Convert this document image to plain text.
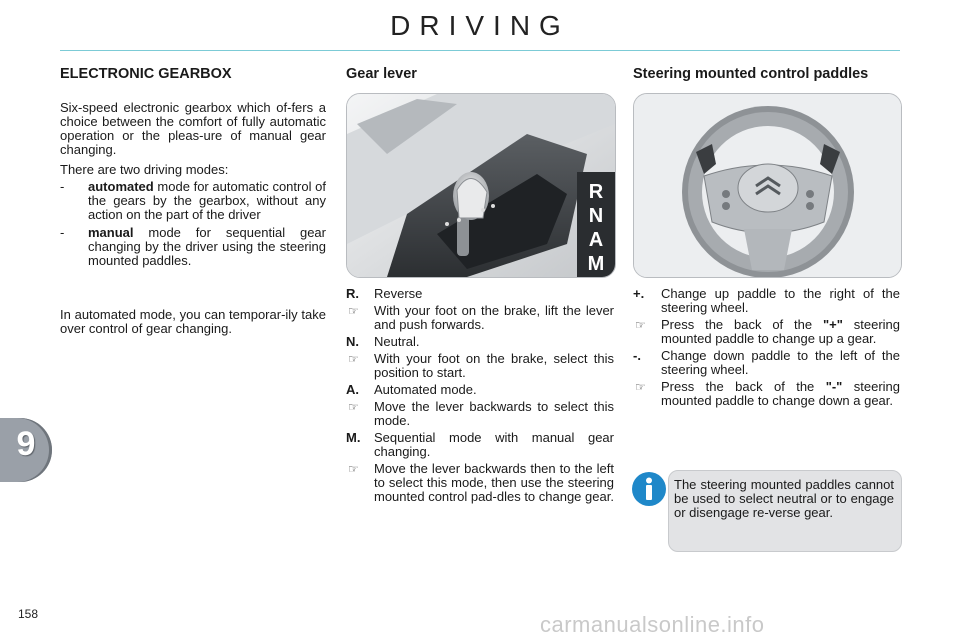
DRIVING
9
ELECTRONIC GEARBOX

Six-speed electronic gearbox which of-fers a choice between the comfort of fully automatic operation or the pleas-ure of manual gear changing.

There are two driving modes:

- automated mode for automatic control of the gears by the gearbox, without any action on the part of the driver
- manual mode for sequential gear changing by the driver using the steering mounted paddles.
In automated mode, you can temporar-ily take over control of gear changing.
Gear lever
R
N
A
M
R. Reverse
☞ With your foot on the brake, lift the lever and push forwards.
N. Neutral.
☞ With your foot on the brake, select this position to start.
A. Automated mode.
☞ Move the lever backwards to select this mode.
M. Sequential mode with manual gear changing.
☞ Move the lever backwards then to the left to select this mode, then use the steering mounted control pad-dles to change gear.
Steering mounted control paddles
+. Change up paddle to the right of the steering wheel.
☞ Press the back of the "+" steering mounted paddle to change up a gear.
-. Change down paddle to the left of the steering wheel.
☞ Press the back of the "-" steering mounted paddle to change down a gear.
The steering mounted paddles cannot be used to select neutral or to engage or disengage re-verse gear.
158	carmanualsonline.info
